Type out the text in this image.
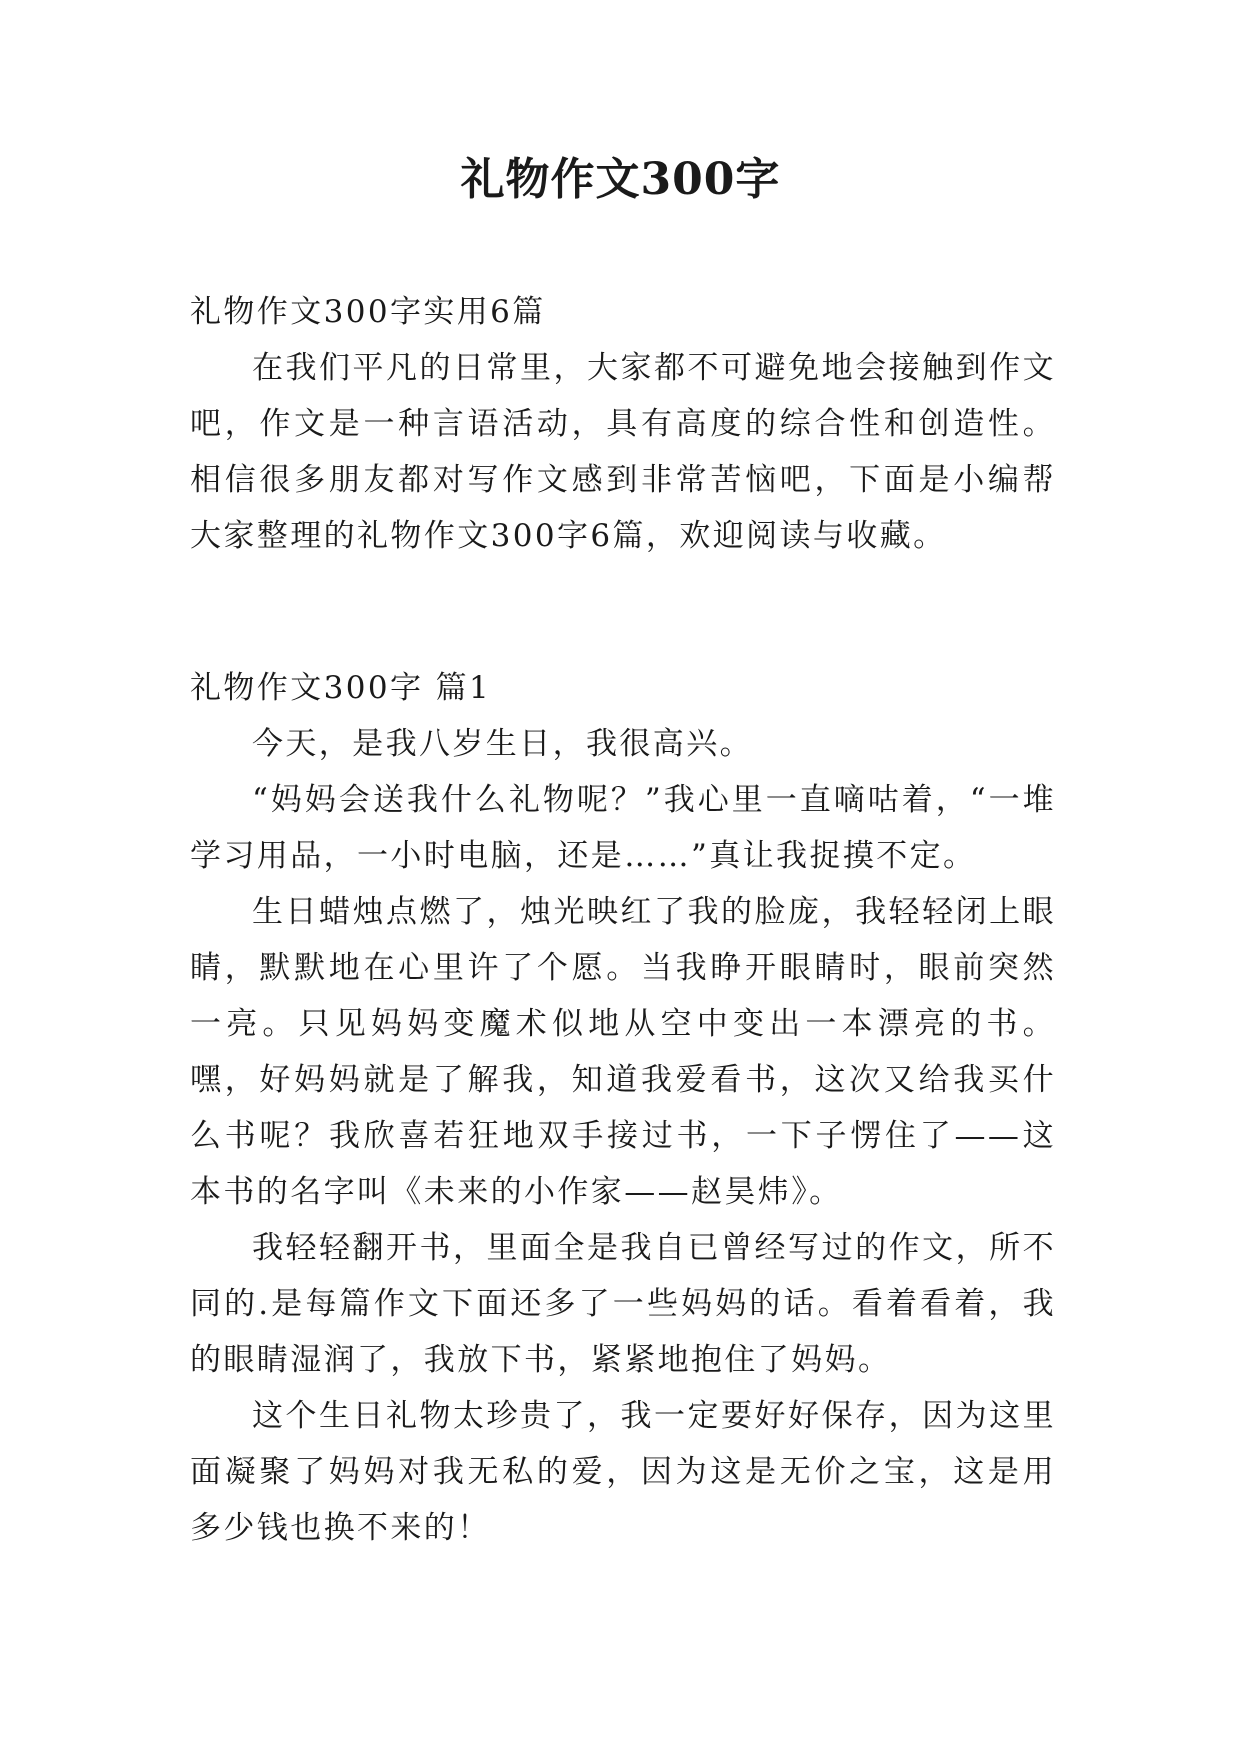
礼物作文300字

礼物作文300字实用6篇

在我们平凡的日常里，大家都不可避免地会接触到作文吧，作文是一种言语活动，具有高度的综合性和创造性。相信很多朋友都对写作文感到非常苦恼吧，下面是小编帮大家整理的礼物作文300字6篇，欢迎阅读与收藏。

礼物作文300字 篇1

今天，是我八岁生日，我很高兴。

“妈妈会送我什么礼物呢？”我心里一直嘀咕着，“一堆学习用品，一小时电脑，还是……”真让我捉摸不定。

生日蜡烛点燃了，烛光映红了我的脸庞，我轻轻闭上眼睛，默默地在心里许了个愿。当我睁开眼睛时，眼前突然一亮。只见妈妈变魔术似地从空中变出一本漂亮的书。嘿，好妈妈就是了解我，知道我爱看书，这次又给我买什么书呢？我欣喜若狂地双手接过书，一下子愣住了——这本书的名字叫《未来的小作家——赵昊炜》。

我轻轻翻开书，里面全是我自已曾经写过的作文，所不同的.是每篇作文下面还多了一些妈妈的话。看着看着，我的眼睛湿润了，我放下书，紧紧地抱住了妈妈。

这个生日礼物太珍贵了，我一定要好好保存，因为这里面凝聚了妈妈对我无私的爱，因为这是无价之宝，这是用多少钱也换不来的！
